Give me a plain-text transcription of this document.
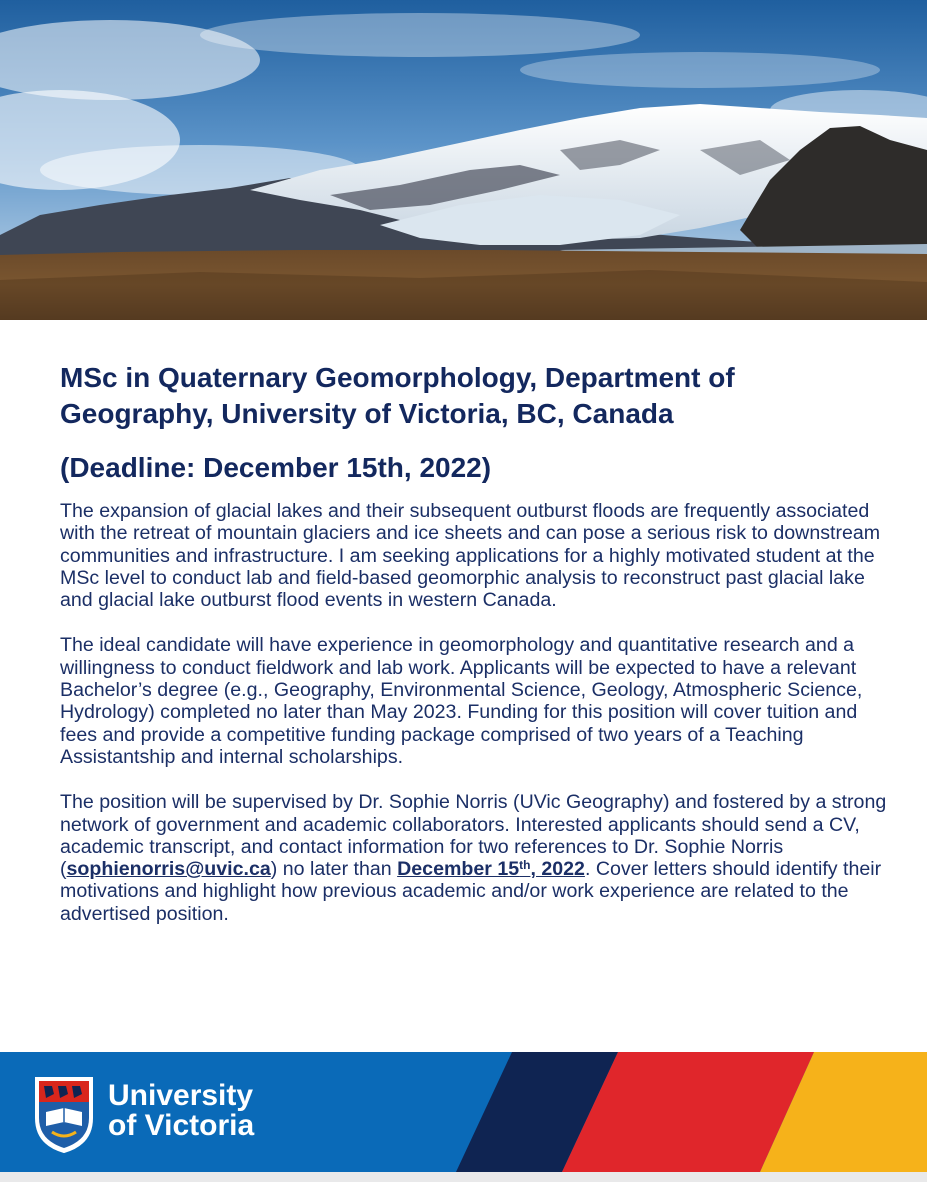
MSc in Quaternary Geomorphology, Department of Geography, University of Victoria, BC, Canada
(Deadline: December 15th, 2022)

The expansion of glacial lakes and their subsequent outburst floods are frequently associated with the retreat of mountain glaciers and ice sheets and can pose a serious risk to downstream communities and infrastructure. I am seeking applications for a highly motivated student at the MSc level to conduct lab and field-based geomorphic analysis to reconstruct past glacial lake and glacial lake outburst flood events in western Canada.

The ideal candidate will have experience in geomorphology and quantitative research and a willingness to conduct fieldwork and lab work. Applicants will be expected to have a relevant Bachelor’s degree (e.g., Geography, Environmental Science, Geology, Atmospheric Science, Hydrology) completed no later than May 2023. Funding for this position will cover tuition and fees and provide a competitive funding package comprised of two years of a Teaching Assistantship and internal scholarships.

The position will be supervised by Dr. Sophie Norris (UVic Geography) and fostered by a strong network of government and academic collaborators. Interested applicants should send a CV, academic transcript, and contact information for two references to Dr. Sophie Norris (sophienorris@uvic.ca) no later than December 15th, 2022. Cover letters should identify their motivations and highlight how previous academic and/or work experience are related to the advertised position.

University
of Victoria
